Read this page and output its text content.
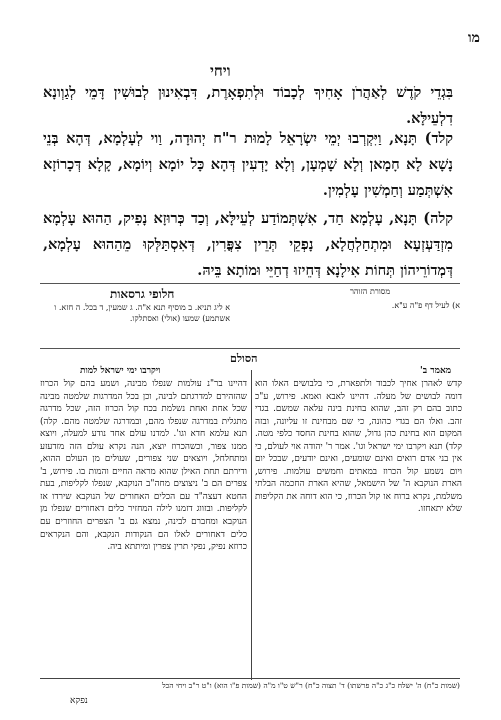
מו
ויחי
בִּגְדֵי קֹדֶשׁ לְאַהֲרֹן אָחִיךָ לְכָבוֹד וּלְתִפְאָרֶת, דִּבְאִינוּן לְבוּשִׁין דָּמֵי לְגַוְונָא דִלְעֵילָּא.
קלד) תָּנָא, וַיִּקְרְבוּ יְמֵי יִשְׂרָאֵל לָמוּת ר"ח יְהוּדָה, וַוי לְעָלְמָא, דְּהָא בְּנֵי נָשָׁא לָא חָמָאן וְלָא שָׁמְעָן, וְלָא יָדְעִין דְּהָא כָּל יוֹמָא וְיוֹמָא, קָלָא דְּכָרוֹזָא אִשְׁתְּמַע וְחַמְשִׁין עָלְמִין.
קלה) תָּנָא, עָלְמָא חַד, אִשְׁתְּמוֹדַע לְעֵילָּא, וְכַד כְּרוּזָא נָפִיק, הַהוּא עָלְמָא מִזְדַּעְזְעָא וּמִתְחַלְחֲלָא, נָפְקֵי תְּרֵין צִפֳּרִין, דְּאִסְתַּלְּקוּ מֵהַהוּא עָלְמָא, דְּמְדוֹרֵיהוֹן תְּחוֹת אִילָנָא דְּחֵיזוּ דְחַיֵּי וּמוֹתָא בֵּיהּ.
חלופי גרסאות
א ליג תניא. ב מוסיף תנא א"ה. ג שמעין, ד בכל. ה חזא. ו אשתמע) שמעו (אולי) ואסתלקו.
מסורת הזוהר
א) לעיל דף פ"ה ע"א.
הסולם
ויקרבו ימי ישראל למות	מאמר ב'
קדש לאהרן אחיך לכבוד ולתפארת, כי בלבושים האלו הוא דומה לבושים של מעלה. דהיינו לאבא ואמא. פירוש, ע"כ כתוב בהם רק זהב, שהוא בחינת בינה עלאה שמשם. בגדי זהב. ואלו הם בגדי כהונה, כי שם מבחינת זו עליונה, ובזה המקום הוא בחינת כהן גדול, שהוא בחינת החסד כלפי מטה. קלד) תנא ויקרבו ימי ישראל וגו'. אמר ר' יהודה אוי לעולם, כי אין בני אדם רואים ואינם שומעים, ואינם יודעים, שבכל יום ויום נשמע קול הכרוז במאתים וחמשים עולמות. פירוש, הארת הנוקבא ה' של הישמאל, שהיא הארת החכמה הבלתי משלמת, נקרא ברוח או קול הכרוז, כי הוא דוחה את הקליפות שלא יתאחזו.
דהיינו בר"נ עולמות שנפלו מבינה, ושמע בהם קול הכרוז שהזהירם למדרגתם לבינה, וכן בכל המדרגות שלמטה מבינה שכל אחת ואחת נשלמת בכח קול הכרוז הזה, שכל מדרגה מתגלית במדרגה שנפלו מהם, ובמדרגה שלמטה מהם. קלה) תנא עלמא חדא וגו'. למדנו עולם אחד נודע למעלה, ויוצא ממנו צפור, וכשהכרוז יוצא, הנה נקרא עולם הזה מזדעזע ומתחלחל, ויוצאים שני צפורים, שעולים מן העולם ההוא, ודירתם תחת האילן שהוא מראה החיים והמות בו. פירוש, ב' צפרים הם ב' ניצוצים מחה"ב הנוקבא, שנפלו לקליפות, בעת החטא דעצה"ד עם הכלים האחורים של הנוקבא שירדו אז לקליפות. ובזווג דזמנו לילה המחזיר כלים דאחורים שנפלו מן הנוקבא ומחברם לבינה, נמצא גם ב' הצפרים החוזרים עם כלים דאחורים לאלו הם הנקודות הנקבא, והם הנקראים כרוזא נפיק, נפקי תרין צפרין ומיתתא ביה.
(שמות כ"ח) ה' ישלח כ"ג כ"ה פרשתו) ד' תצוה כ"ח) ר"ש ט"ו מ"ה (שמות פ"ו הוא) ו"ט ר"ב ויחי הכל
נפקא
